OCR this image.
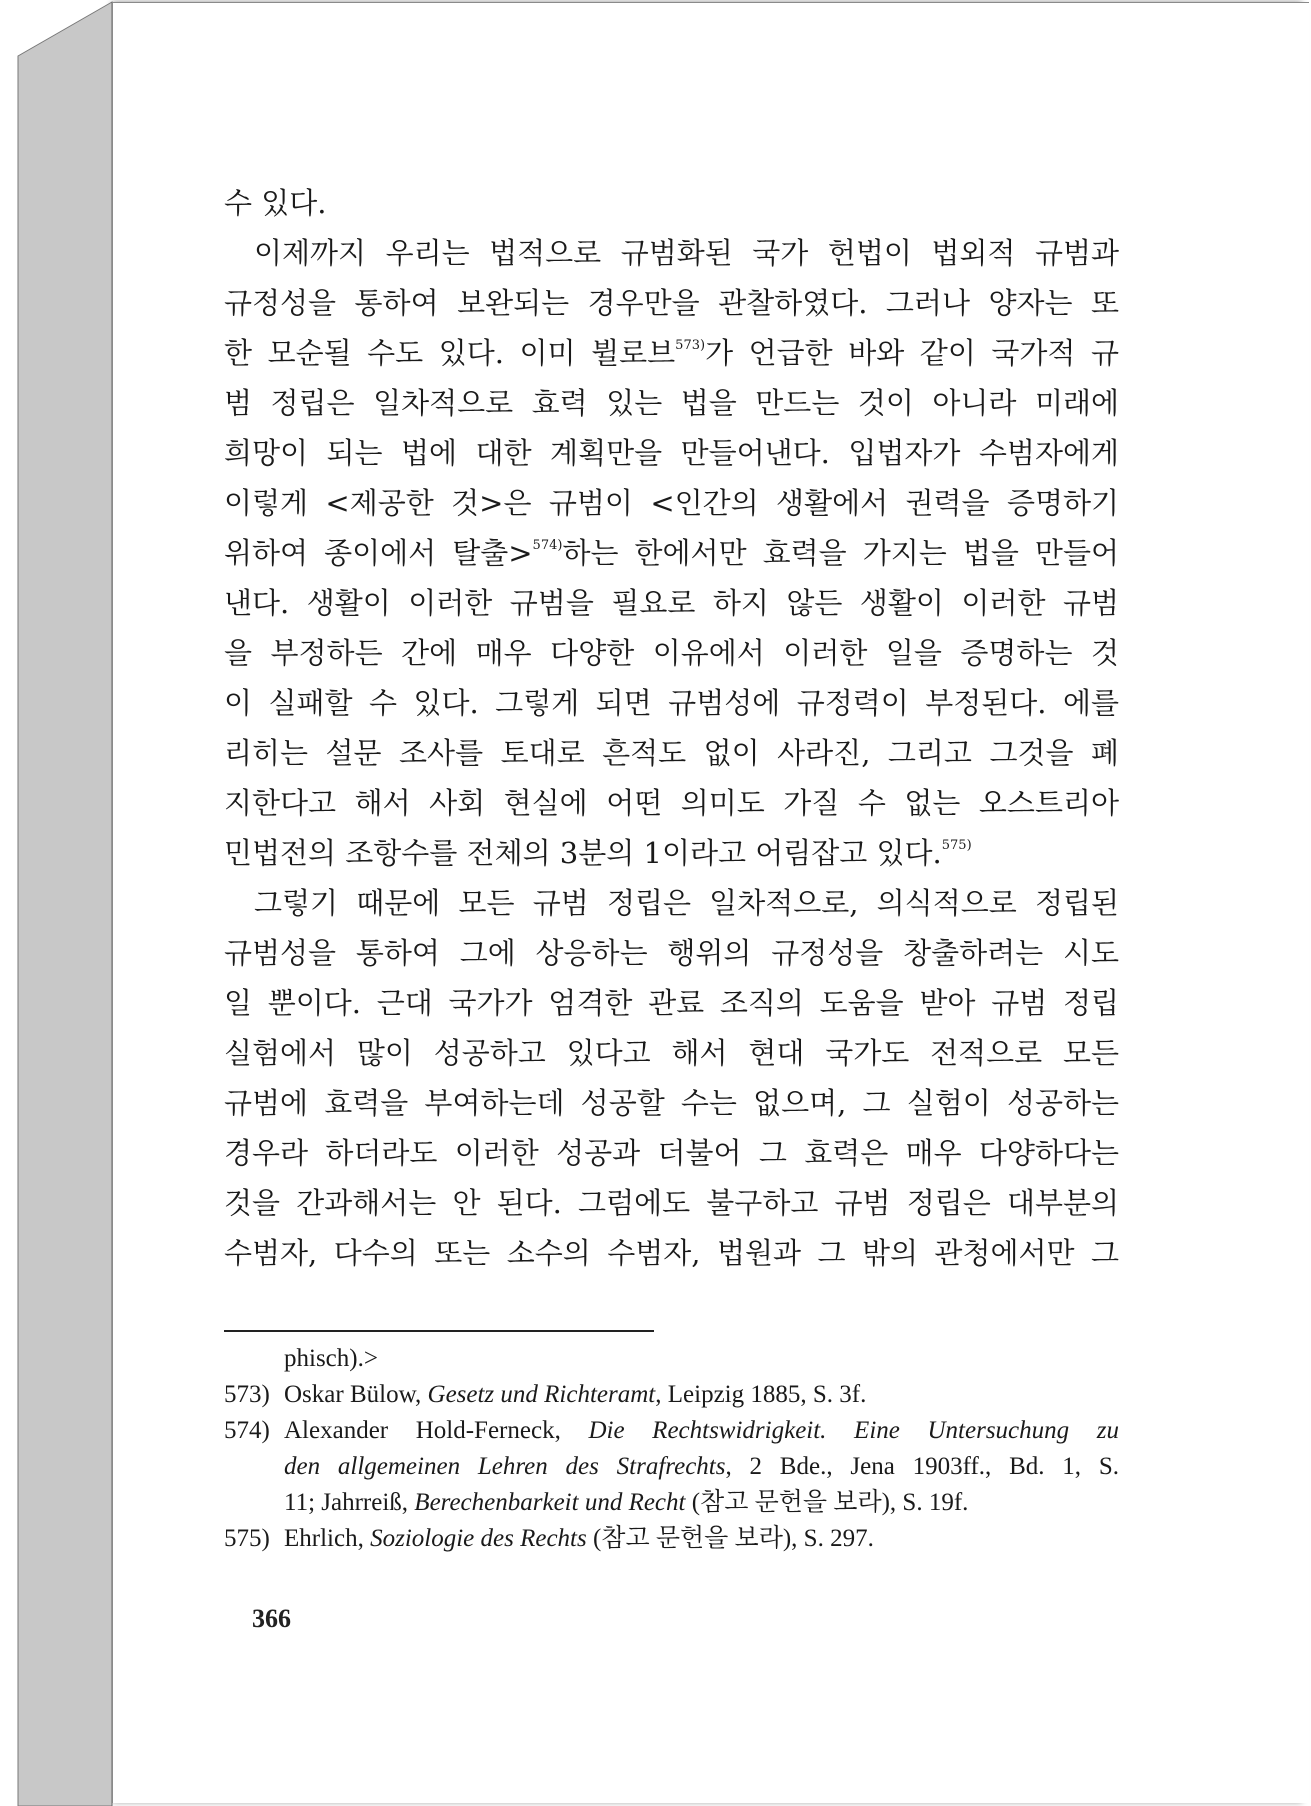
수 있다.
이제까지 우리는 법적으로 규범화된 국가 헌법이 법외적 규범과
규정성을 통하여 보완되는 경우만을 관찰하였다. 그러나 양자는 또
한 모순될 수도 있다. 이미 뷜로브$^{573)}$가 언급한 바와 같이 국가적 규
범 정립은 일차적으로 효력 있는 법을 만드는 것이 아니라 미래에
희망이 되는 법에 대한 계획만을 만들어낸다. 입법자가 수범자에게
이렇게 <제공한 것>은 규범이 <인간의 생활에서 권력을 증명하기
위하여 종이에서 탈출>$^{574)}$하는 한에서만 효력을 가지는 법을 만들어
낸다. 생활이 이러한 규범을 필요로 하지 않든 생활이 이러한 규범
을 부정하든 간에 매우 다양한 이유에서 이러한 일을 증명하는 것
이 실패할 수 있다. 그렇게 되면 규범성에 규정력이 부정된다. 에를
리히는 설문 조사를 토대로 흔적도 없이 사라진, 그리고 그것을 폐
지한다고 해서 사회 현실에 어떤 의미도 가질 수 없는 오스트리아
민법전의 조항수를 전체의 3분의 1이라고 어림잡고 있다.$^{575)}$
그렇기 때문에 모든 규범 정립은 일차적으로, 의식적으로 정립된
규범성을 통하여 그에 상응하는 행위의 규정성을 창출하려는 시도
일 뿐이다. 근대 국가가 엄격한 관료 조직의 도움을 받아 규범 정립
실험에서 많이 성공하고 있다고 해서 현대 국가도 전적으로 모든
규범에 효력을 부여하는데 성공할 수는 없으며, 그 실험이 성공하는
경우라 하더라도 이러한 성공과 더불어 그 효력은 매우 다양하다는
것을 간과해서는 안 된다. 그럼에도 불구하고 규범 정립은 대부분의
수범자, 다수의 또는 소수의 수범자, 법원과 그 밖의 관청에서만 그
phisch).>
573) Oskar Bülow, Gesetz und Richteramt, Leipzig 1885, S. 3f.
574) Alexander Hold-Ferneck, Die Rechtswidrigkeit. Eine Untersuchung zu
den allgemeinen Lehren des Strafrechts, 2 Bde., Jena 1903ff., Bd. 1, S.
11; Jahrreiß, Berechenbarkeit und Recht (참고 문헌을 보라), S. 19f.
575) Ehrlich, Soziologie des Rechts (참고 문헌을 보라), S. 297.
366
